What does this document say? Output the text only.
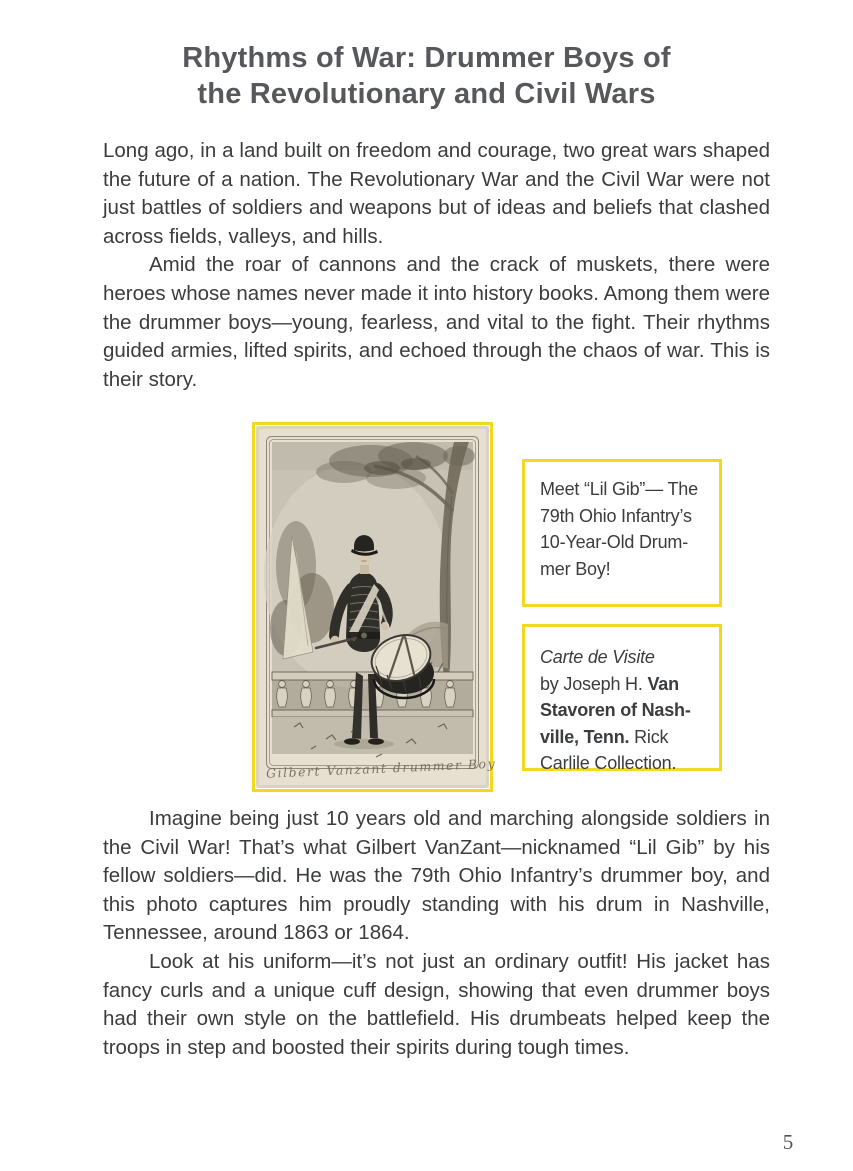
Rhythms of War: Drummer Boys of
the Revolutionary and Civil Wars

Long ago, in a land built on freedom and courage, two great wars shaped the future of a nation. The Revolutionary War and the Civil War were not just battles of soldiers and weapons but of ideas and beliefs that clashed across fields, valleys, and hills.

Amid the roar of cannons and the crack of muskets, there were heroes whose names never made it into history books. Among them were the drummer boys—young, fearless, and vital to the fight. Their rhythms guided armies, lifted spirits, and echoed through the chaos of war. This is their story.

Gilbert Vanzant drummer Boy
Meet “Lil Gib”— The
79th Ohio Infantry’s
10-Year-Old Drum-
mer Boy!
Carte de Visite
by Joseph H. Van
Stavoren of Nash-
ville, Tenn. Rick
Carlile Collection.

Imagine being just 10 years old and marching alongside soldiers in the Civil War! That’s what Gilbert VanZant—nicknamed “Lil Gib” by his fellow soldiers—did. He was the 79th Ohio Infantry’s drummer boy, and this photo captures him proudly standing with his drum in Nashville, Tennessee, around 1863 or 1864.

Look at his uniform—it’s not just an ordinary outfit! His jacket has fancy curls and a unique cuff design, showing that even drummer boys had their own style on the battlefield. His drumbeats helped keep the troops in step and boosted their spirits during tough times.

5
